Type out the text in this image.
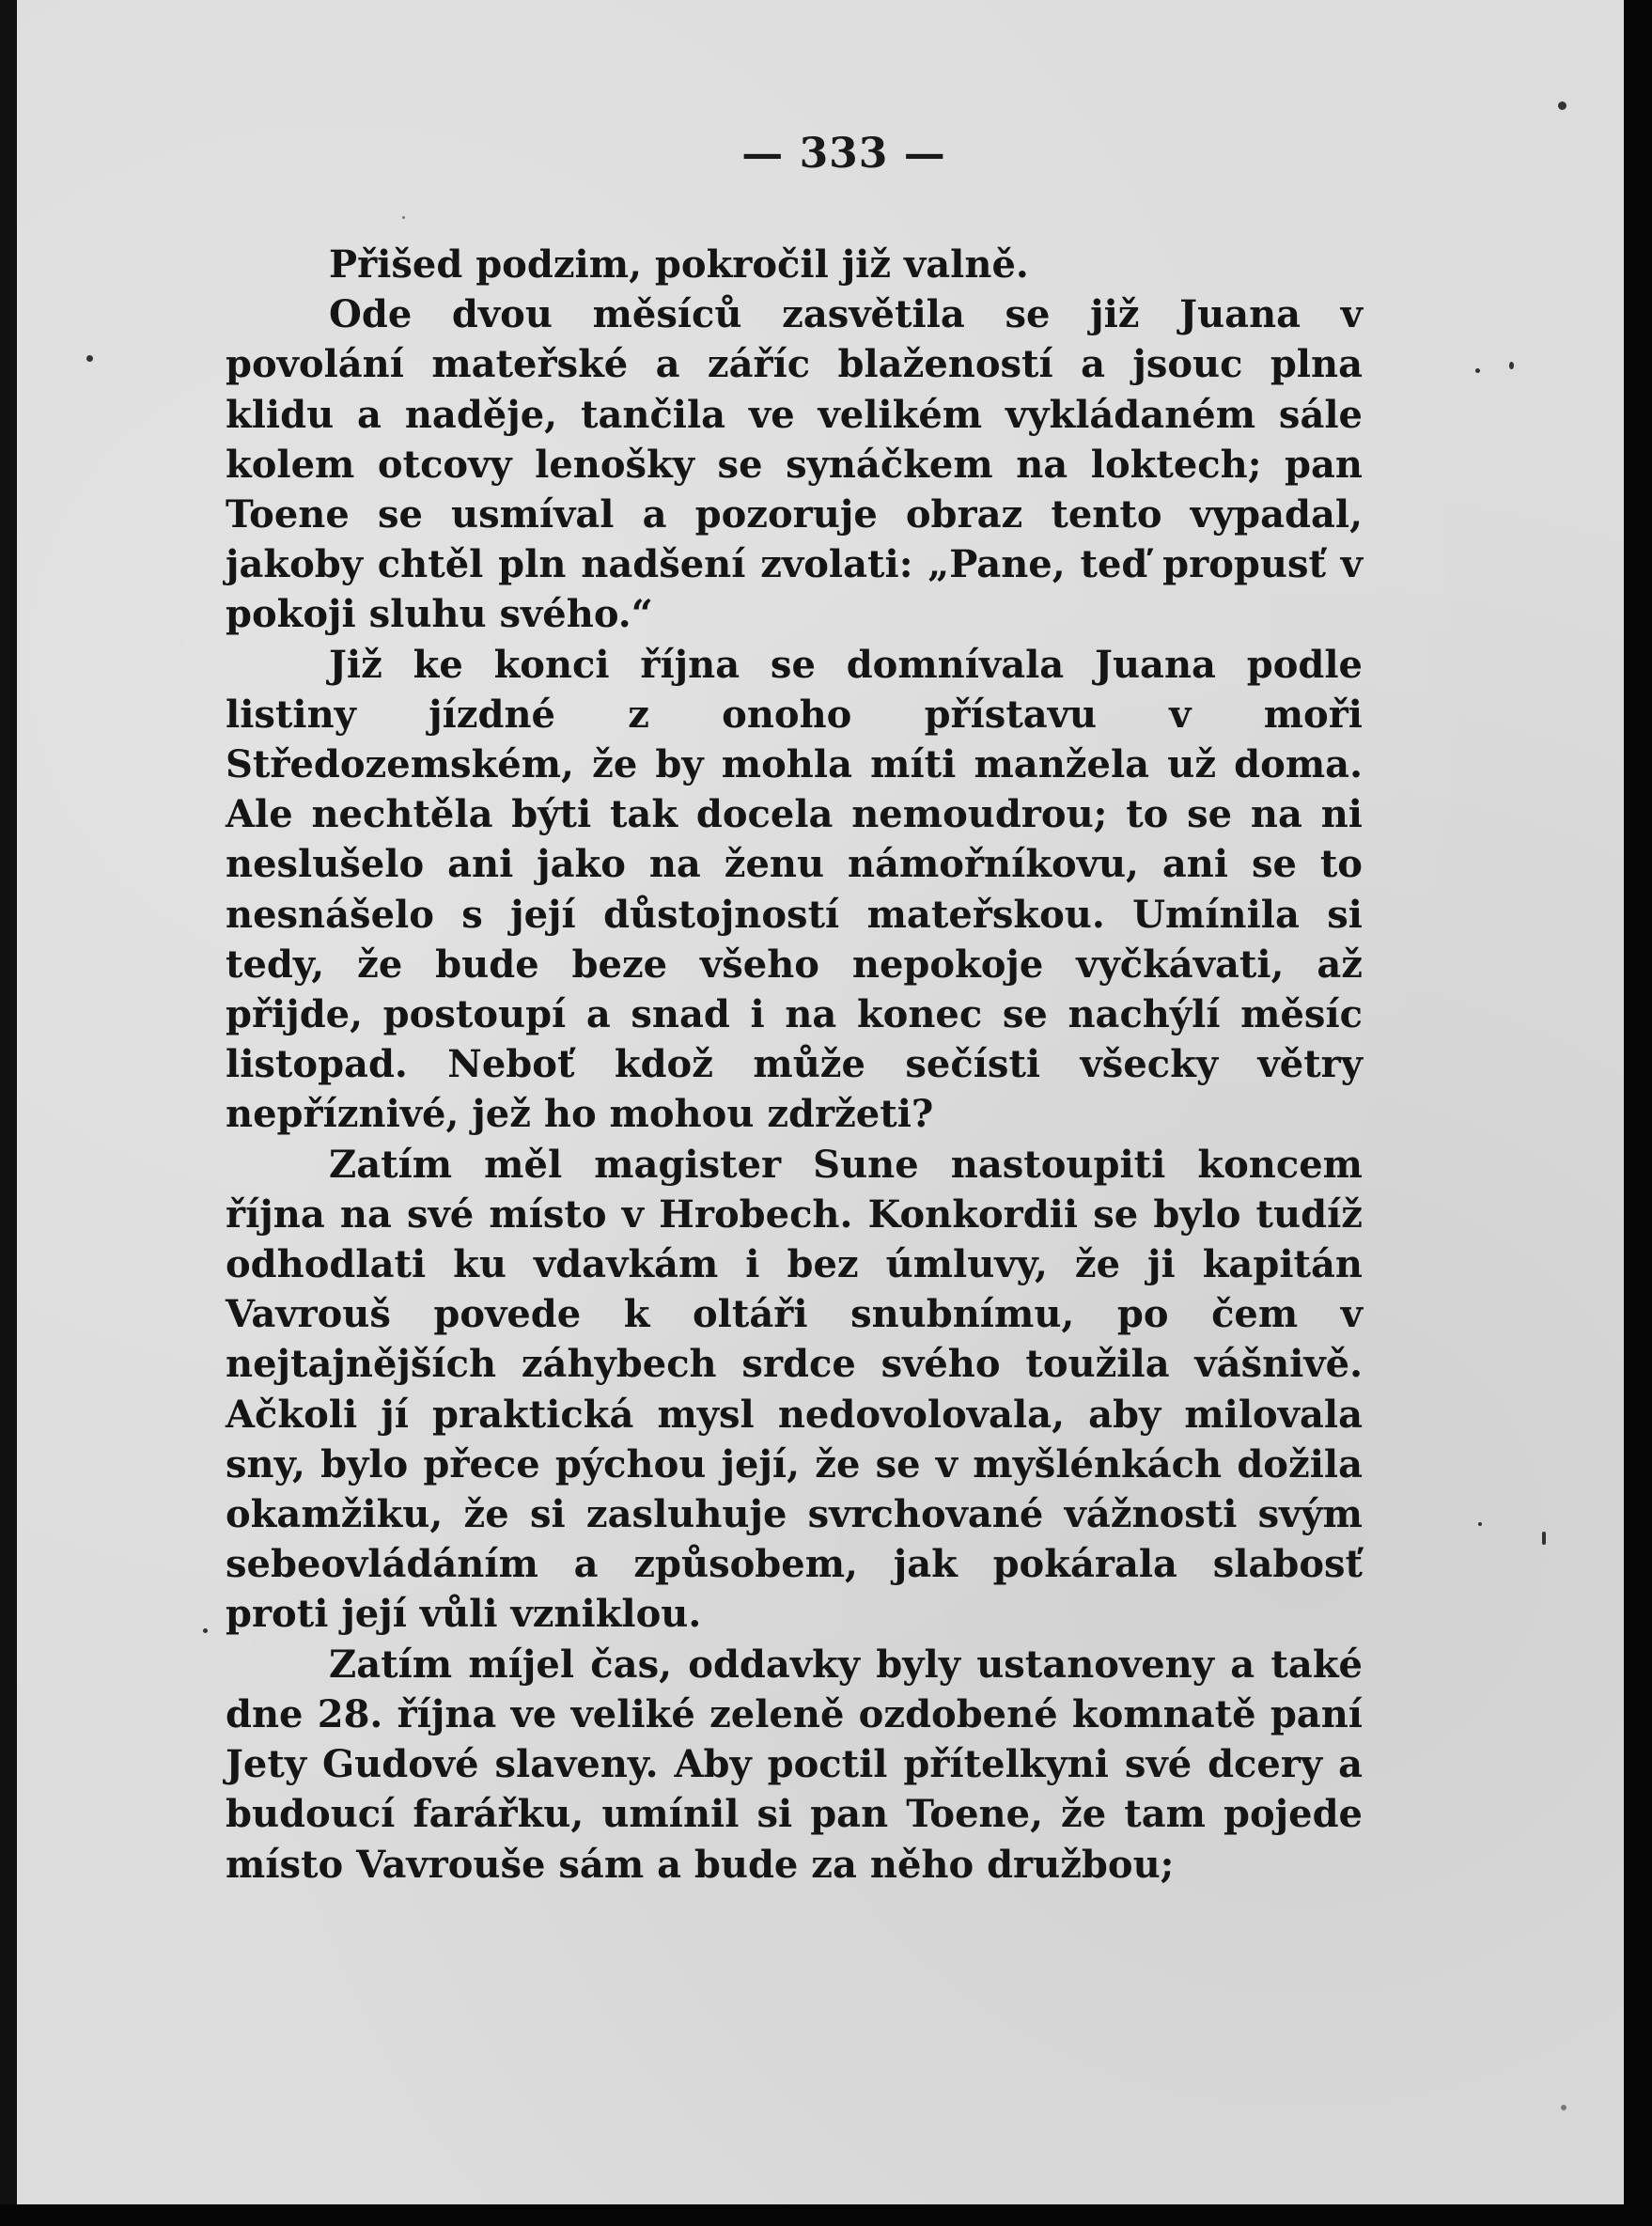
— 333 —

Přišed podzim, pokročil již valně.

Ode dvou měsíců zasvětila se již Juana v povolání mateřské a záříc blažeností a jsouc plna klidu a naděje, tančila ve velikém vykládaném sále kolem otcovy lenošky se synáčkem na loktech; pan Toene se usmíval a pozoruje obraz tento vypadal, jakoby chtěl pln nadšení zvolati: „Pane, teď propusť v pokoji sluhu svého.“

Již ke konci října se domnívala Juana podle listiny jízdné z onoho přístavu v moři Středozemském, že by mohla míti manžela už doma. Ale nechtěla býti tak docela nemoudrou; to se na ni neslušelo ani jako na ženu námořníkovu, ani se to nesnášelo s její důstojností mateřskou. Umínila si tedy, že bude beze všeho nepokoje vyčkávati, až přijde, postoupí a snad i na konec se nachýlí měsíc listopad. Neboť kdož může sečísti všecky větry nepříznivé, jež ho mohou zdržeti?

Zatím měl magister Sune nastoupiti koncem října na své místo v Hrobech. Konkordii se bylo tudíž odhodlati ku vdavkám i bez úmluvy, že ji kapitán Vavrouš povede k oltáři snubnímu, po čem v nejtajnějších záhybech srdce svého toužila vášnivě. Ačkoli jí praktická mysl nedovolovala, aby milovala sny, bylo přece pýchou její, že se v myšlénkách dožila okamžiku, že si zasluhuje svrchované vážnosti svým sebeovládáním a způsobem, jak pokárala slabosť proti její vůli vzniklou.

Zatím míjel čas, oddavky byly ustanoveny a také dne 28. října ve veliké zeleně ozdobené komnatě paní Jety Gudové slaveny. Aby poctil přítelkyni své dcery a budoucí farářku, umínil si pan Toene, že tam pojede místo Vavrouše sám a bude za něho družbou;
